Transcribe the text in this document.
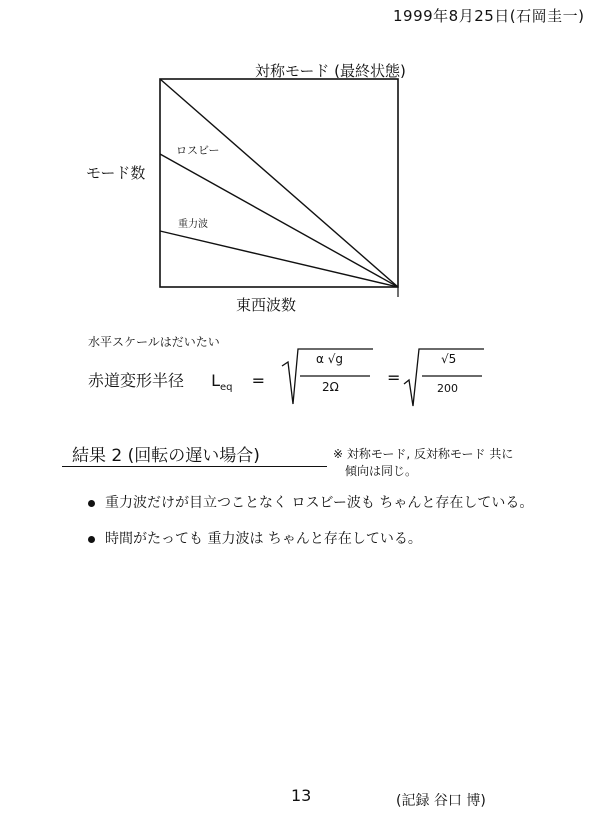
1999年8月25日(石岡圭一)
対称モード (最終状態)
ロスビー
重力波
モード数
東西波数
水平スケールはだいたい
赤道変形半径 $L_{eq}$ =
α √g
2Ω	=
√5
200
結果 2 (回転の遅い場合)	※ 対称モード, 反対称モード 共に
傾向は同じ。
重力波だけが目立つことなく ロスビー波も ちゃんと存在している。
時間がたっても 重力波は ちゃんと存在している。
13	(記録 谷口 博)
